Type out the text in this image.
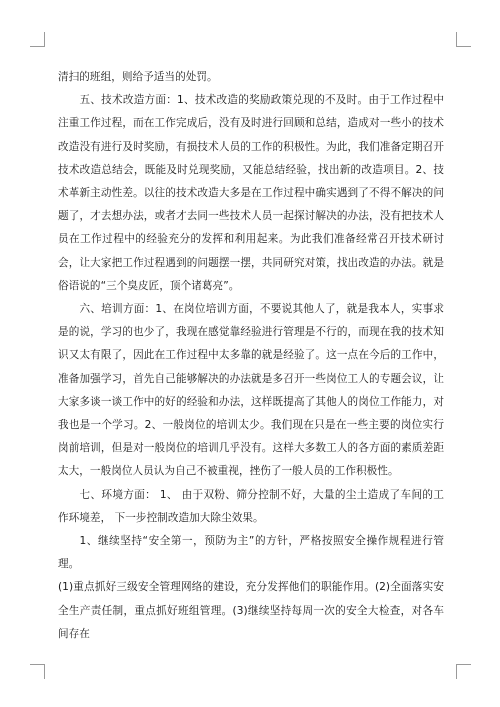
清扫的班组，则给予适当的处罚。

五、技术改造方面：1、技术改造的奖励政策兑现的不及时。由于工作过程中注重工作过程，而在工作完成后，没有及时进行回顾和总结，造成对一些小的技术改造没有进行及时奖励，有损技术人员的工作的积极性。为此，我们准备定期召开技术改造总结会，既能及时兑现奖励，又能总结经验，找出新的改造项目。2、技术革新主动性差。以往的技术改造大多是在工作过程中确实遇到了不得不解决的问题了，才去想办法，或者才去同一些技术人员一起探讨解决的办法，没有把技术人员在工作过程中的经验充分的发挥和利用起来。为此我们准备经常召开技术研讨会，让大家把工作过程遇到的问题摆一摆，共同研究对策，找出改造的办法。就是俗语说的“三个臭皮匠，顶个诸葛亮”。

六、培训方面：1、在岗位培训方面，不要说其他人了，就是我本人，实事求是的说，学习的也少了，我现在感觉靠经验进行管理是不行的，而现在我的技术知识又太有限了，因此在工作过程中太多靠的就是经验了。这一点在今后的工作中，准备加强学习，首先自己能够解决的办法就是多召开一些岗位工人的专题会议，让大家多谈一谈工作中的好的经验和办法，这样既提高了其他人的岗位工作能力，对我也是一个学习。2、一般岗位的培训太少。我们现在只是在一些主要的岗位实行岗前培训，但是对一般岗位的培训几乎没有。这样大多数工人的各方面的素质差距太大，一般岗位人员认为自己不被重视，挫伤了一般人员的工作积极性。

七、环境方面： 1、 由于双粉、筛分控制不好，大量的尘土造成了车间的工作环境差， 下一步控制改造加大除尘效果。

1、继续坚持“安全第一，预防为主”的方针，严格按照安全操作规程进行管理。

(1)重点抓好三级安全管理网络的建设，充分发挥他们的职能作用。(2)全面落实安全生产责任制，重点抓好班组管理。(3)继续坚持每周一次的安全大检查，对各车间存在
